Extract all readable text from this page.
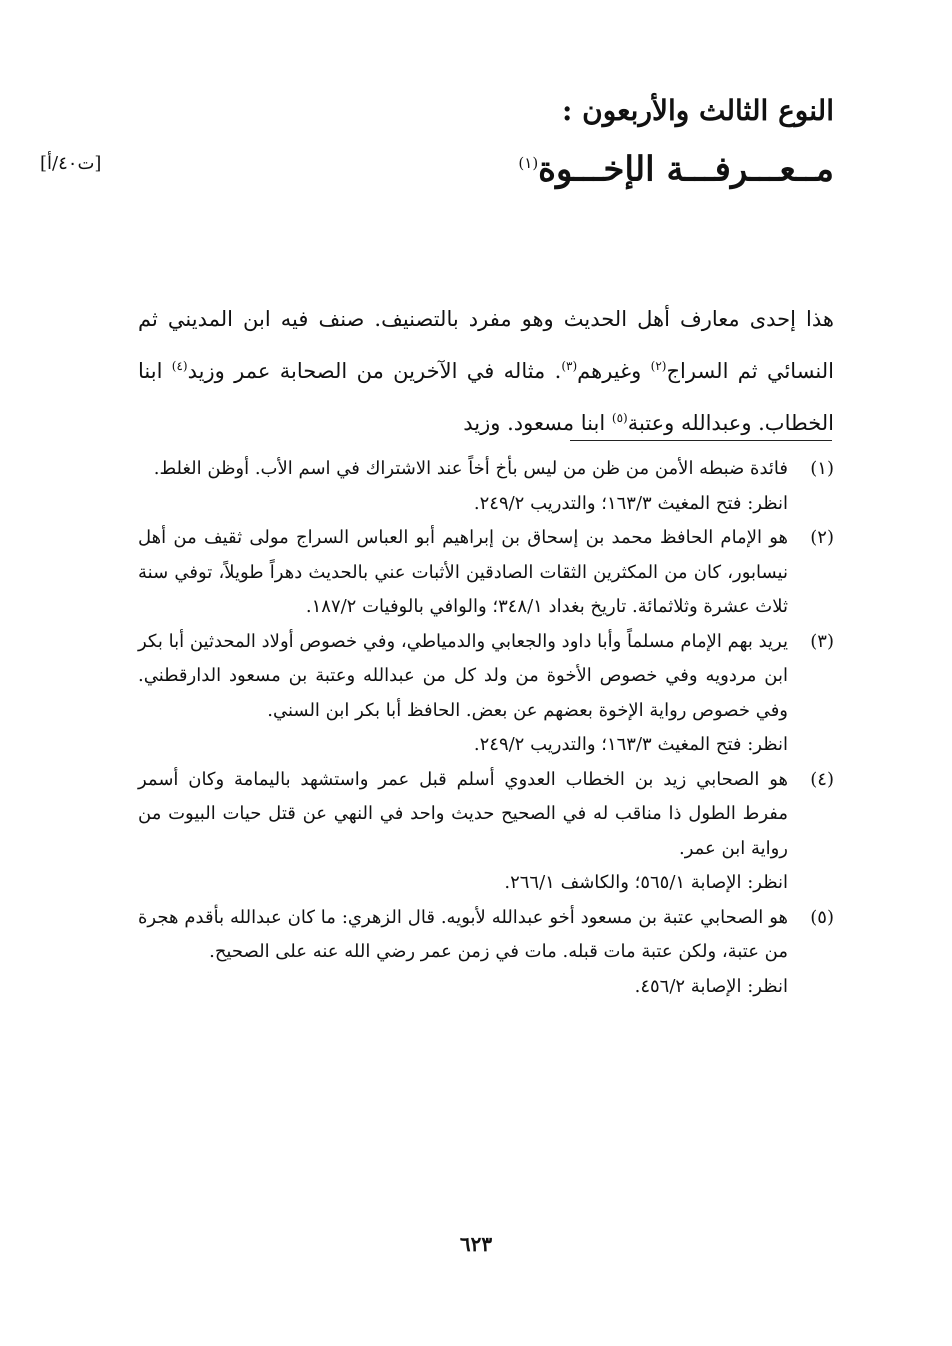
النوع الثالث والأربعون :
مــعـــرفـــة الإخـــوة$^{(١)}$
[ت٤٠/أ]
هذا إحدى معارف أهل الحديث وهو مفرد بالتصنيف. صنف فيه ابن المديني ثم النسائي ثم السراج$^{(٢)}$ وغيرهم$^{(٣)}$. مثاله في الآخرين من الصحابة عمر وزيد$^{(٤)}$ ابنا الخطاب. وعبدالله وعتبة$^{(٥)}$ ابنا مسعود. وزيد
(١)

فائدة ضبطه الأمن من ظن من ليس بأخ أخاً عند الاشتراك في اسم الأب. أوظن الغلط.

انظر: فتح المغيث ١٦٣/٣؛ والتدريب ٢٤٩/٢.

(٢)

هو الإمام الحافظ محمد بن إسحاق بن إبراهيم أبو العباس السراج مولى ثقيف من أهل نيسابور، كان من المكثرين الثقات الصادقين الأثبات عني بالحديث دهراً طويلاً، توفي سنة ثلاث عشرة وثلاثمائة. تاريخ بغداد ٣٤٨/١؛ والوافي بالوفيات ١٨٧/٢.

(٣)

يريد بهم الإمام مسلماً وأبا داود والجعابي والدمياطي، وفي خصوص أولاد المحدثين أبا بكر ابن مردويه وفي خصوص الأخوة من ولد كل من عبدالله وعتبة بن مسعود الدارقطني. وفي خصوص رواية الإخوة بعضهم عن بعض. الحافظ أبا بكر ابن السني.

انظر: فتح المغيث ١٦٣/٣؛ والتدريب ٢٤٩/٢.

(٤)

هو الصحابي زيد بن الخطاب العدوي أسلم قبل عمر واستشهد باليمامة وكان أسمر مفرط الطول ذا مناقب له في الصحيح حديث واحد في النهي عن قتل حيات البيوت من رواية ابن عمر.

انظر: الإصابة ٥٦٥/١؛ والكاشف ٢٦٦/١.

(٥)

هو الصحابي عتبة بن مسعود أخو عبدالله لأبويه. قال الزهري: ما كان عبدالله بأقدم هجرة من عتبة، ولكن عتبة مات قبله. مات في زمن عمر رضي الله عنه على الصحيح.

انظر: الإصابة ٤٥٦/٢.

٦٢٣
